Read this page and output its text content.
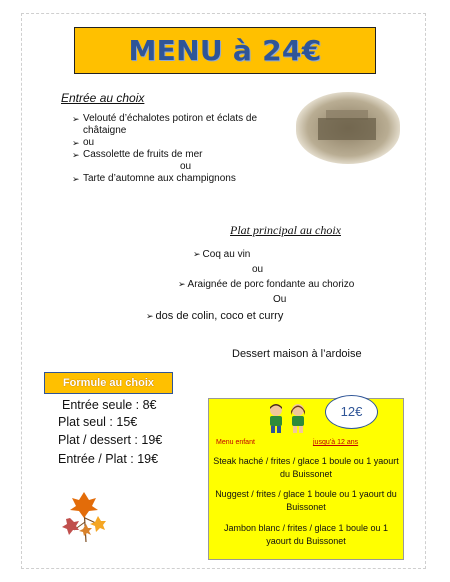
MENU à 24€
Entrée au choix
➢ Velouté d’échalotes potiron et éclats de châtaigne
➢ ou
➢ Cassolette de fruits de mer
ou
➢ Tarte d’automne aux champignons
Plat principal au choix
➢ Coq au vin
ou
➢ Araignée de porc fondante au chorizo
Ou
➢ dos de colin, coco et curry
Dessert maison à l’ardoise
Formule au choix
Entrée seule : 8€
Plat seul : 15€
Plat / dessert : 19€
Entrée / Plat : 19€
12€
Menu enfant	jusqu’à 12 ans
Steak haché / frites / glace 1 boule ou 1 yaourt du Buissonet
Nuggest / frites / glace 1 boule ou 1 yaourt du Buissonet
Jambon blanc / frites / glace 1 boule ou 1 yaourt du Buissonet
